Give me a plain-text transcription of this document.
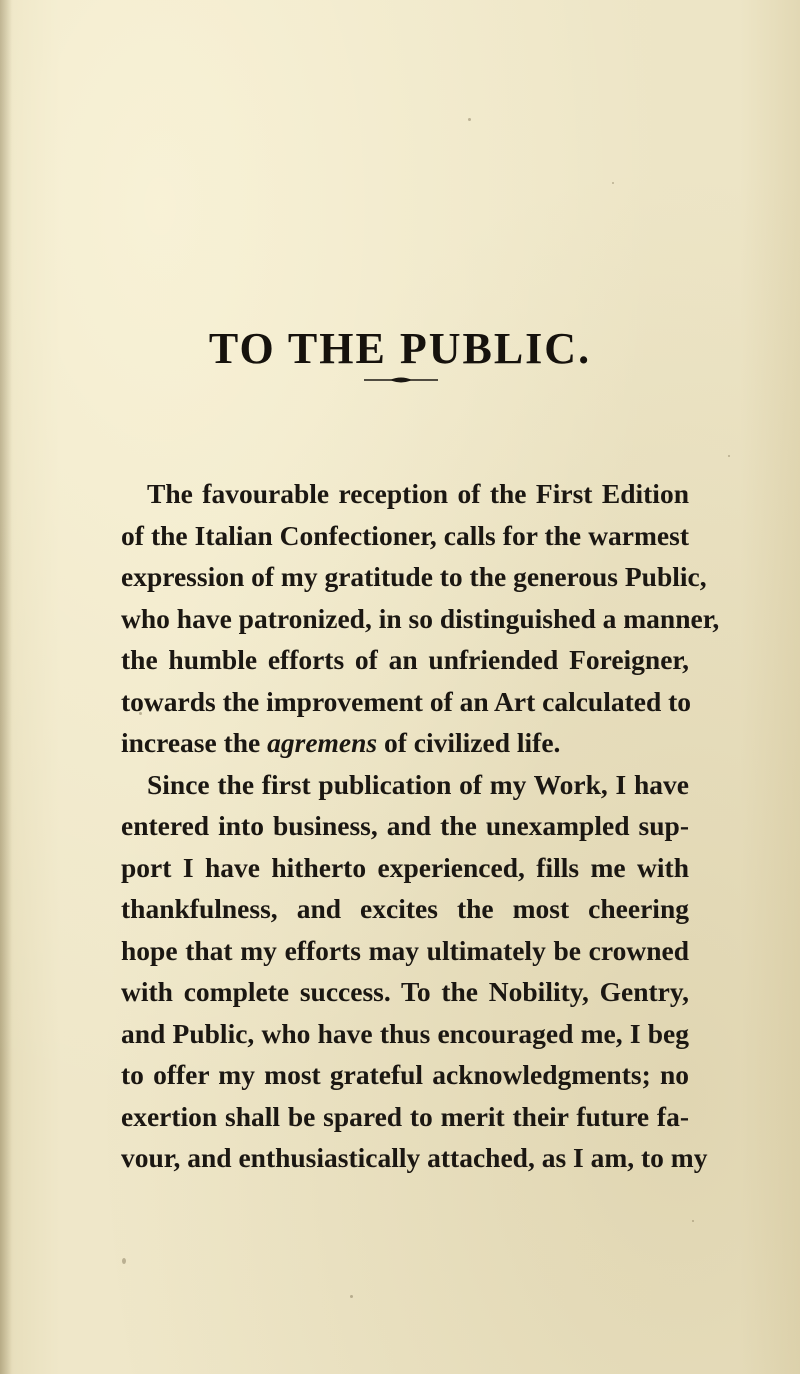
TO THE PUBLIC.
The favourable reception of the First Edition
of the Italian Confectioner, calls for the warmest
expression of my gratitude to the generous Public,
who have patronized, in so distinguished a manner,
the humble efforts of an unfriended Foreigner,
towards the improvement of an Art calculated to
increase the agremens of civilized life.
Since the first publication of my Work, I have
entered into business, and the unexampled sup-
port I have hitherto experienced, fills me with
thankfulness, and excites the most cheering
hope that my efforts may ultimately be crowned
with complete success. To the Nobility, Gentry,
and Public, who have thus encouraged me, I beg
to offer my most grateful acknowledgments; no
exertion shall be spared to merit their future fa-
vour, and enthusiastically attached, as I am, to my
